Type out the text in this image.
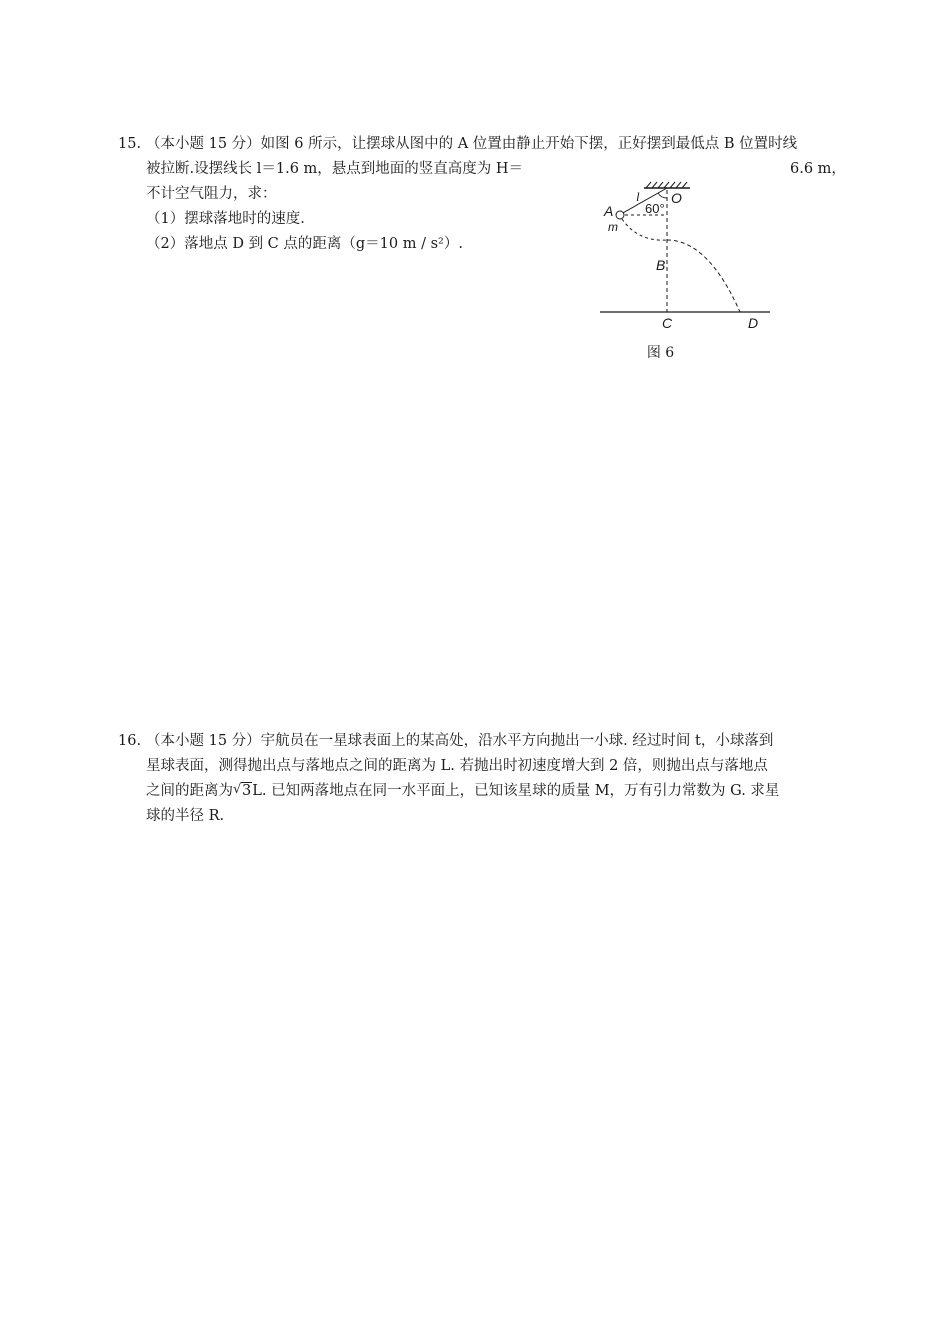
15. （本小题 15 分）如图 6 所示，让摆球从图中的 A 位置由静止开始下摆，正好摆到最低点 B 位置时线
被拉断.设摆线长 l＝1.6 m，悬点到地面的竖直高度为 H＝	6.6 m，
不计空气阻力，求：
（1）摆球落地时的速度.
（2）落地点 D 到 C 点的距离（g＝10 m / s²）.
A
m
l O
60°
B
C	D
图 6
16. （本小题 15 分）宇航员在一星球表面上的某高处，沿水平方向抛出一小球. 经过时间 t，小球落到
星球表面，测得抛出点与落地点之间的距离为 L. 若抛出时初速度增大到 2 倍，则抛出点与落地点
之间的距离为 √ 3L. 已知两落地点在同一水平面上，已知该星球的质量 M，万有引力常数为 G. 求星
球的半径 R.
